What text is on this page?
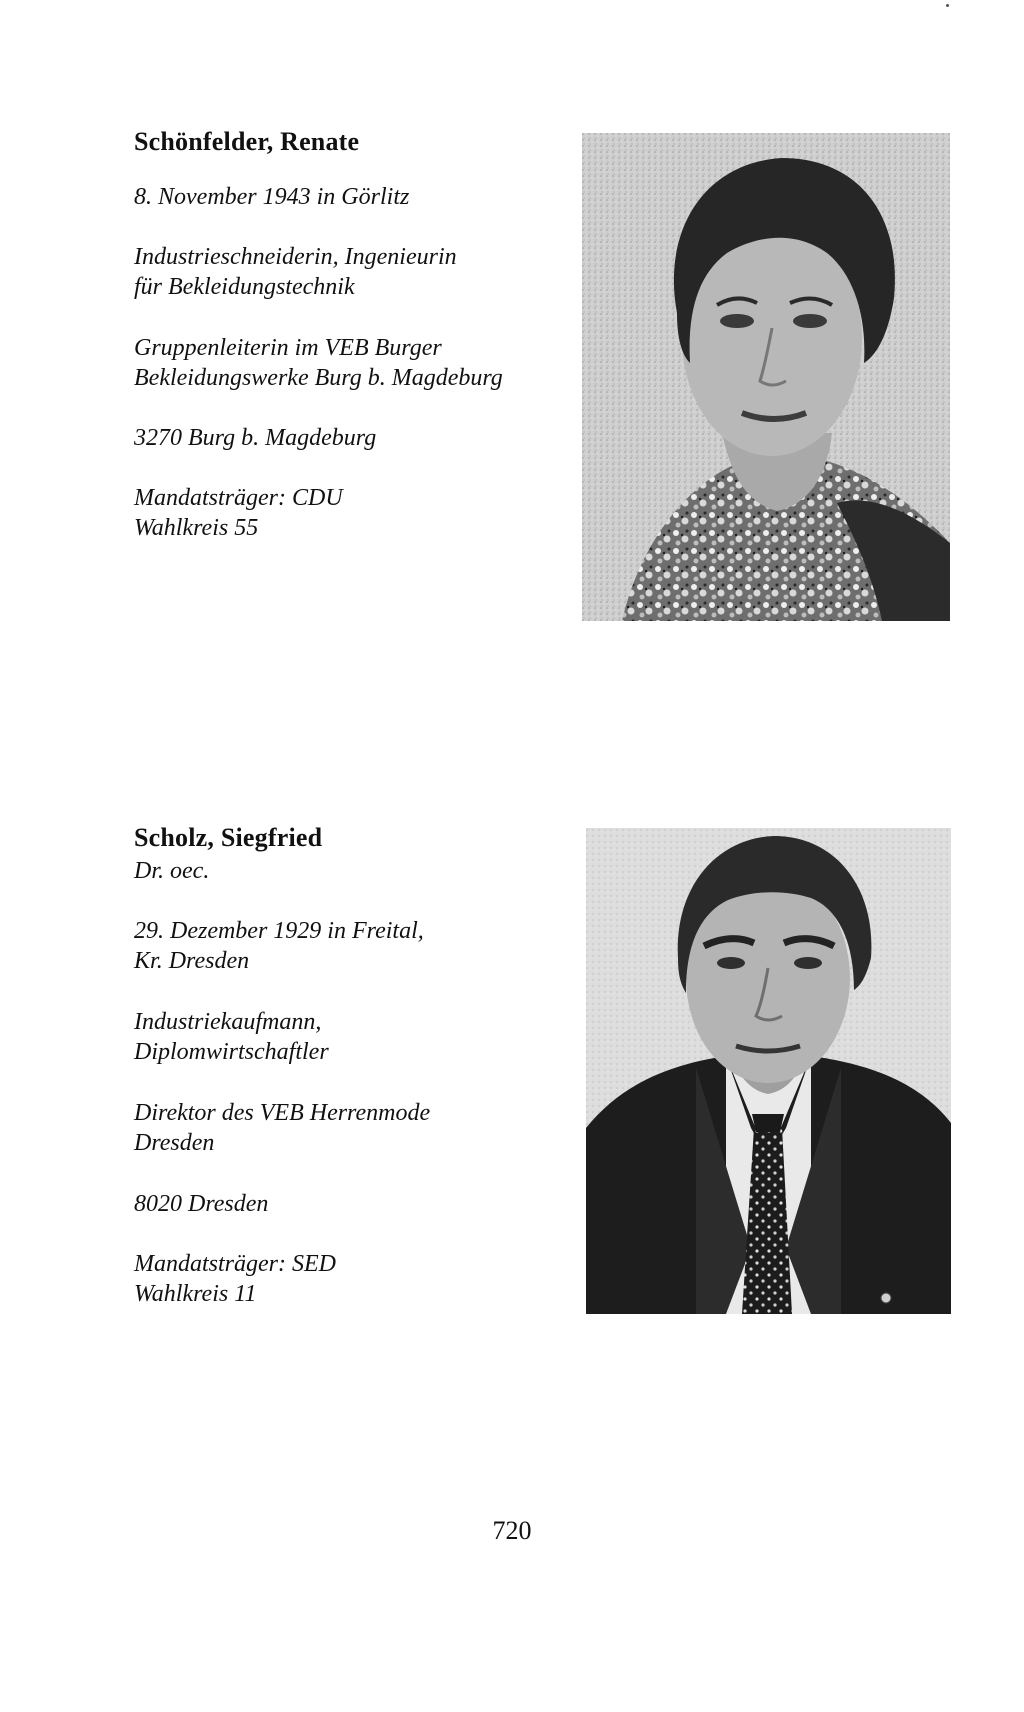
Schönfelder, Renate

8. November 1943 in Görlitz

Industrieschneiderin, Ingenieurin
für Bekleidungstechnik

Gruppenleiterin im VEB Burger
Bekleidungswerke Burg b. Magdeburg

3270 Burg b. Magdeburg

Mandatsträger: CDU
Wahlkreis 55

Scholz, Siegfried

Dr. oec.

29. Dezember 1929 in Freital,
Kr. Dresden

Industriekaufmann,
Diplomwirtschaftler

Direktor des VEB Herrenmode
Dresden

8020 Dresden

Mandatsträger: SED
Wahlkreis 11

720
